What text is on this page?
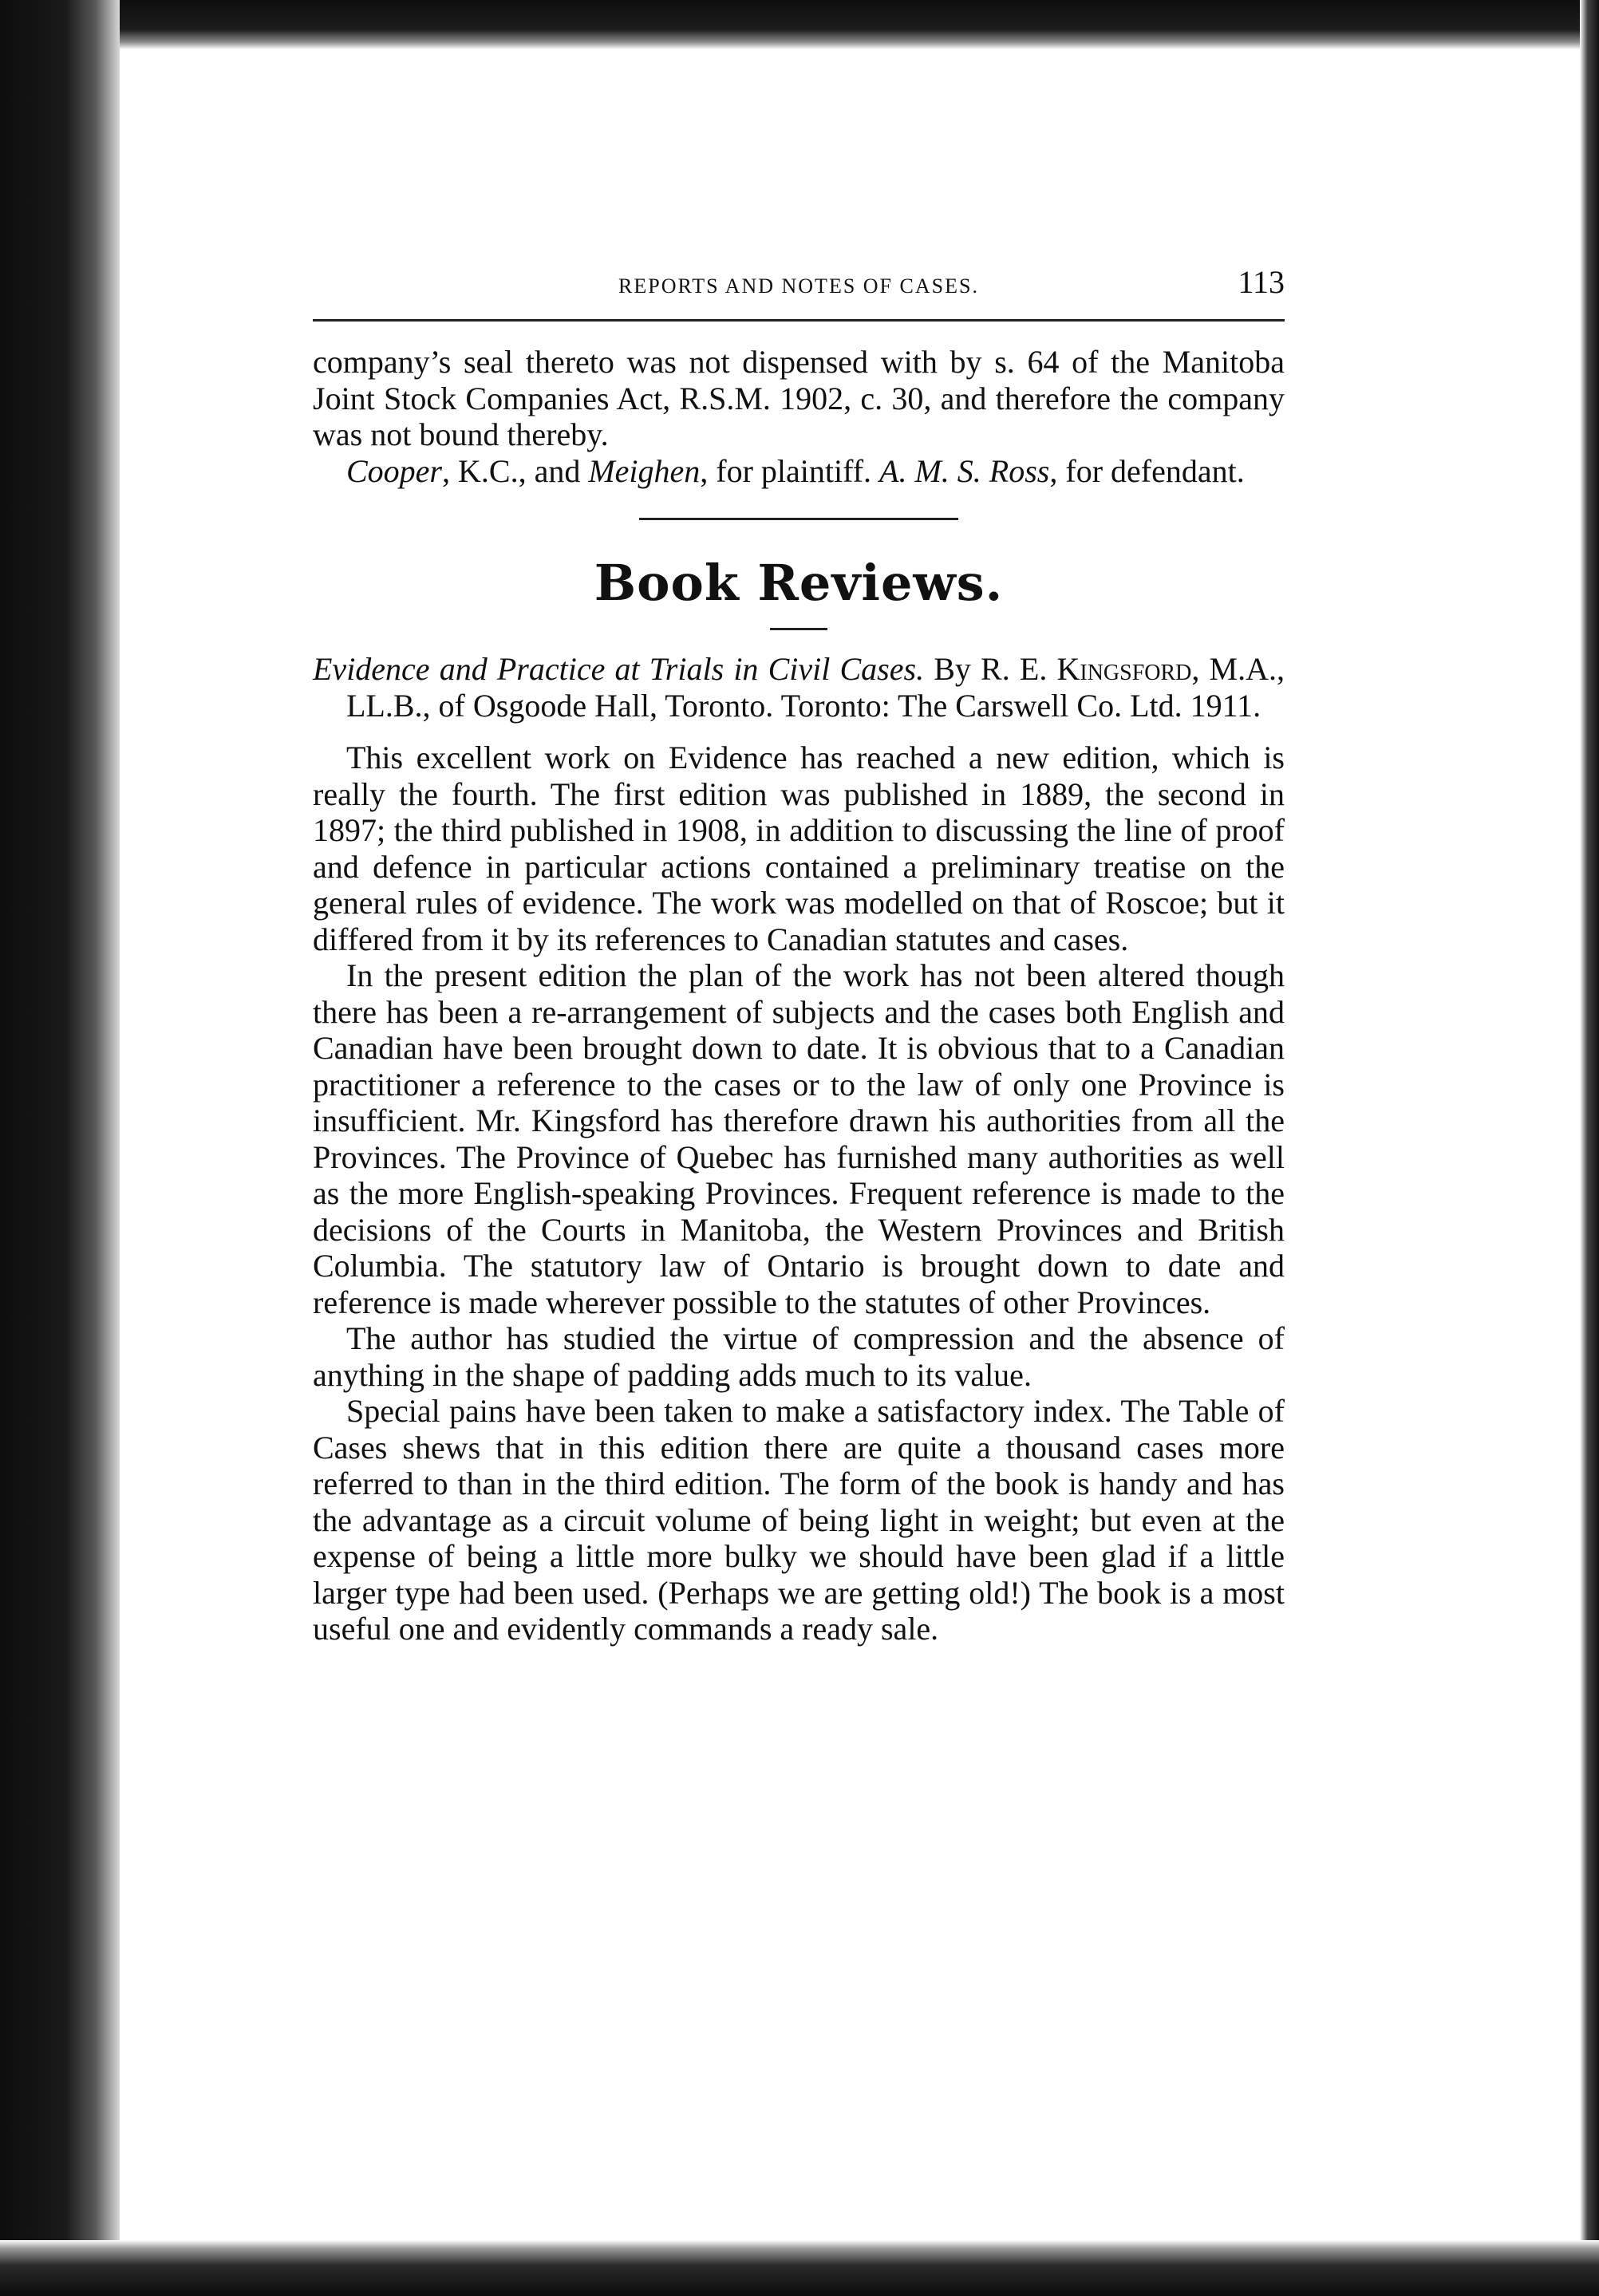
REPORTS AND NOTES OF CASES.	113

company’s seal thereto was not dispensed with by s. 64 of the Manitoba Joint Stock Companies Act, R.S.M. 1902, c. 30, and therefore the company was not bound thereby.

Cooper, K.C., and Meighen, for plaintiff. A. M. S. Ross, for defendant.

Book Reviews.

Evidence and Practice at Trials in Civil Cases. By R. E. Kingsford, M.A., LL.B., of Osgoode Hall, Toronto. Toronto: The Carswell Co. Ltd. 1911.

This excellent work on Evidence has reached a new edition, which is really the fourth. The first edition was published in 1889, the second in 1897; the third published in 1908, in addition to discussing the line of proof and defence in particular actions contained a preliminary treatise on the general rules of evidence. The work was modelled on that of Roscoe; but it differed from it by its references to Canadian statutes and cases.

In the present edition the plan of the work has not been altered though there has been a re-arrangement of subjects and the cases both English and Canadian have been brought down to date. It is obvious that to a Canadian practitioner a reference to the cases or to the law of only one Province is insufficient. Mr. Kingsford has therefore drawn his authorities from all the Provinces. The Province of Quebec has furnished many authorities as well as the more English-speaking Provinces. Frequent reference is made to the decisions of the Courts in Manitoba, the Western Provinces and British Columbia. The statutory law of Ontario is brought down to date and reference is made wherever possible to the statutes of other Provinces.

The author has studied the virtue of compression and the absence of anything in the shape of padding adds much to its value.

Special pains have been taken to make a satisfactory index. The Table of Cases shews that in this edition there are quite a thousand cases more referred to than in the third edition. The form of the book is handy and has the advantage as a circuit volume of being light in weight; but even at the expense of being a little more bulky we should have been glad if a little larger type had been used. (Perhaps we are getting old!) The book is a most useful one and evidently commands a ready sale.
